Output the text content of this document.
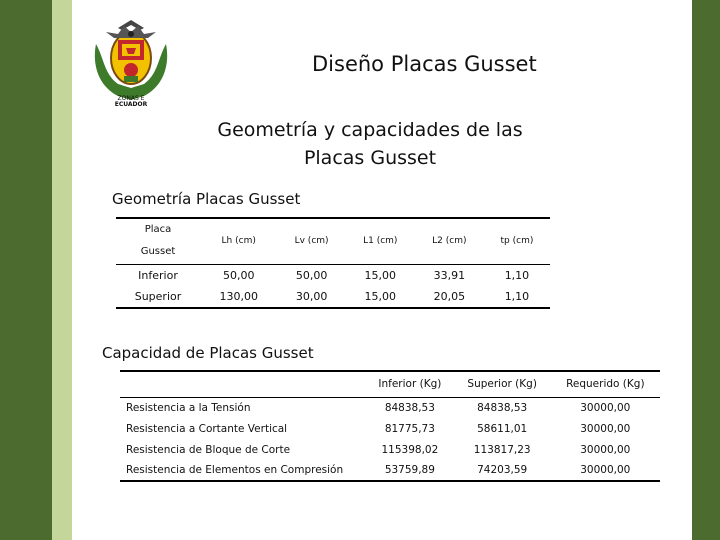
ZONAS E
ECUADOR
Diseño Placas Gusset
Geometría y capacidades de las Placas Gusset
Geometría Placas Gusset
Placa
Gusset	Lh (cm)	Lv (cm)	L1 (cm)	L2 (cm)	tp (cm)
Inferior	50,00	50,00	15,00	33,91	1,10
Superior	130,00	30,00	15,00	20,05	1,10
Capacidad de Placas Gusset
	Inferior (Kg)	Superior (Kg)	Requerido (Kg)
Resistencia a la Tensión	84838,53	84838,53	30000,00
Resistencia a Cortante Vertical	81775,73	58611,01	30000,00
Resistencia de Bloque de Corte	115398,02	113817,23	30000,00
Resistencia de Elementos en Compresión	53759,89	74203,59	30000,00
